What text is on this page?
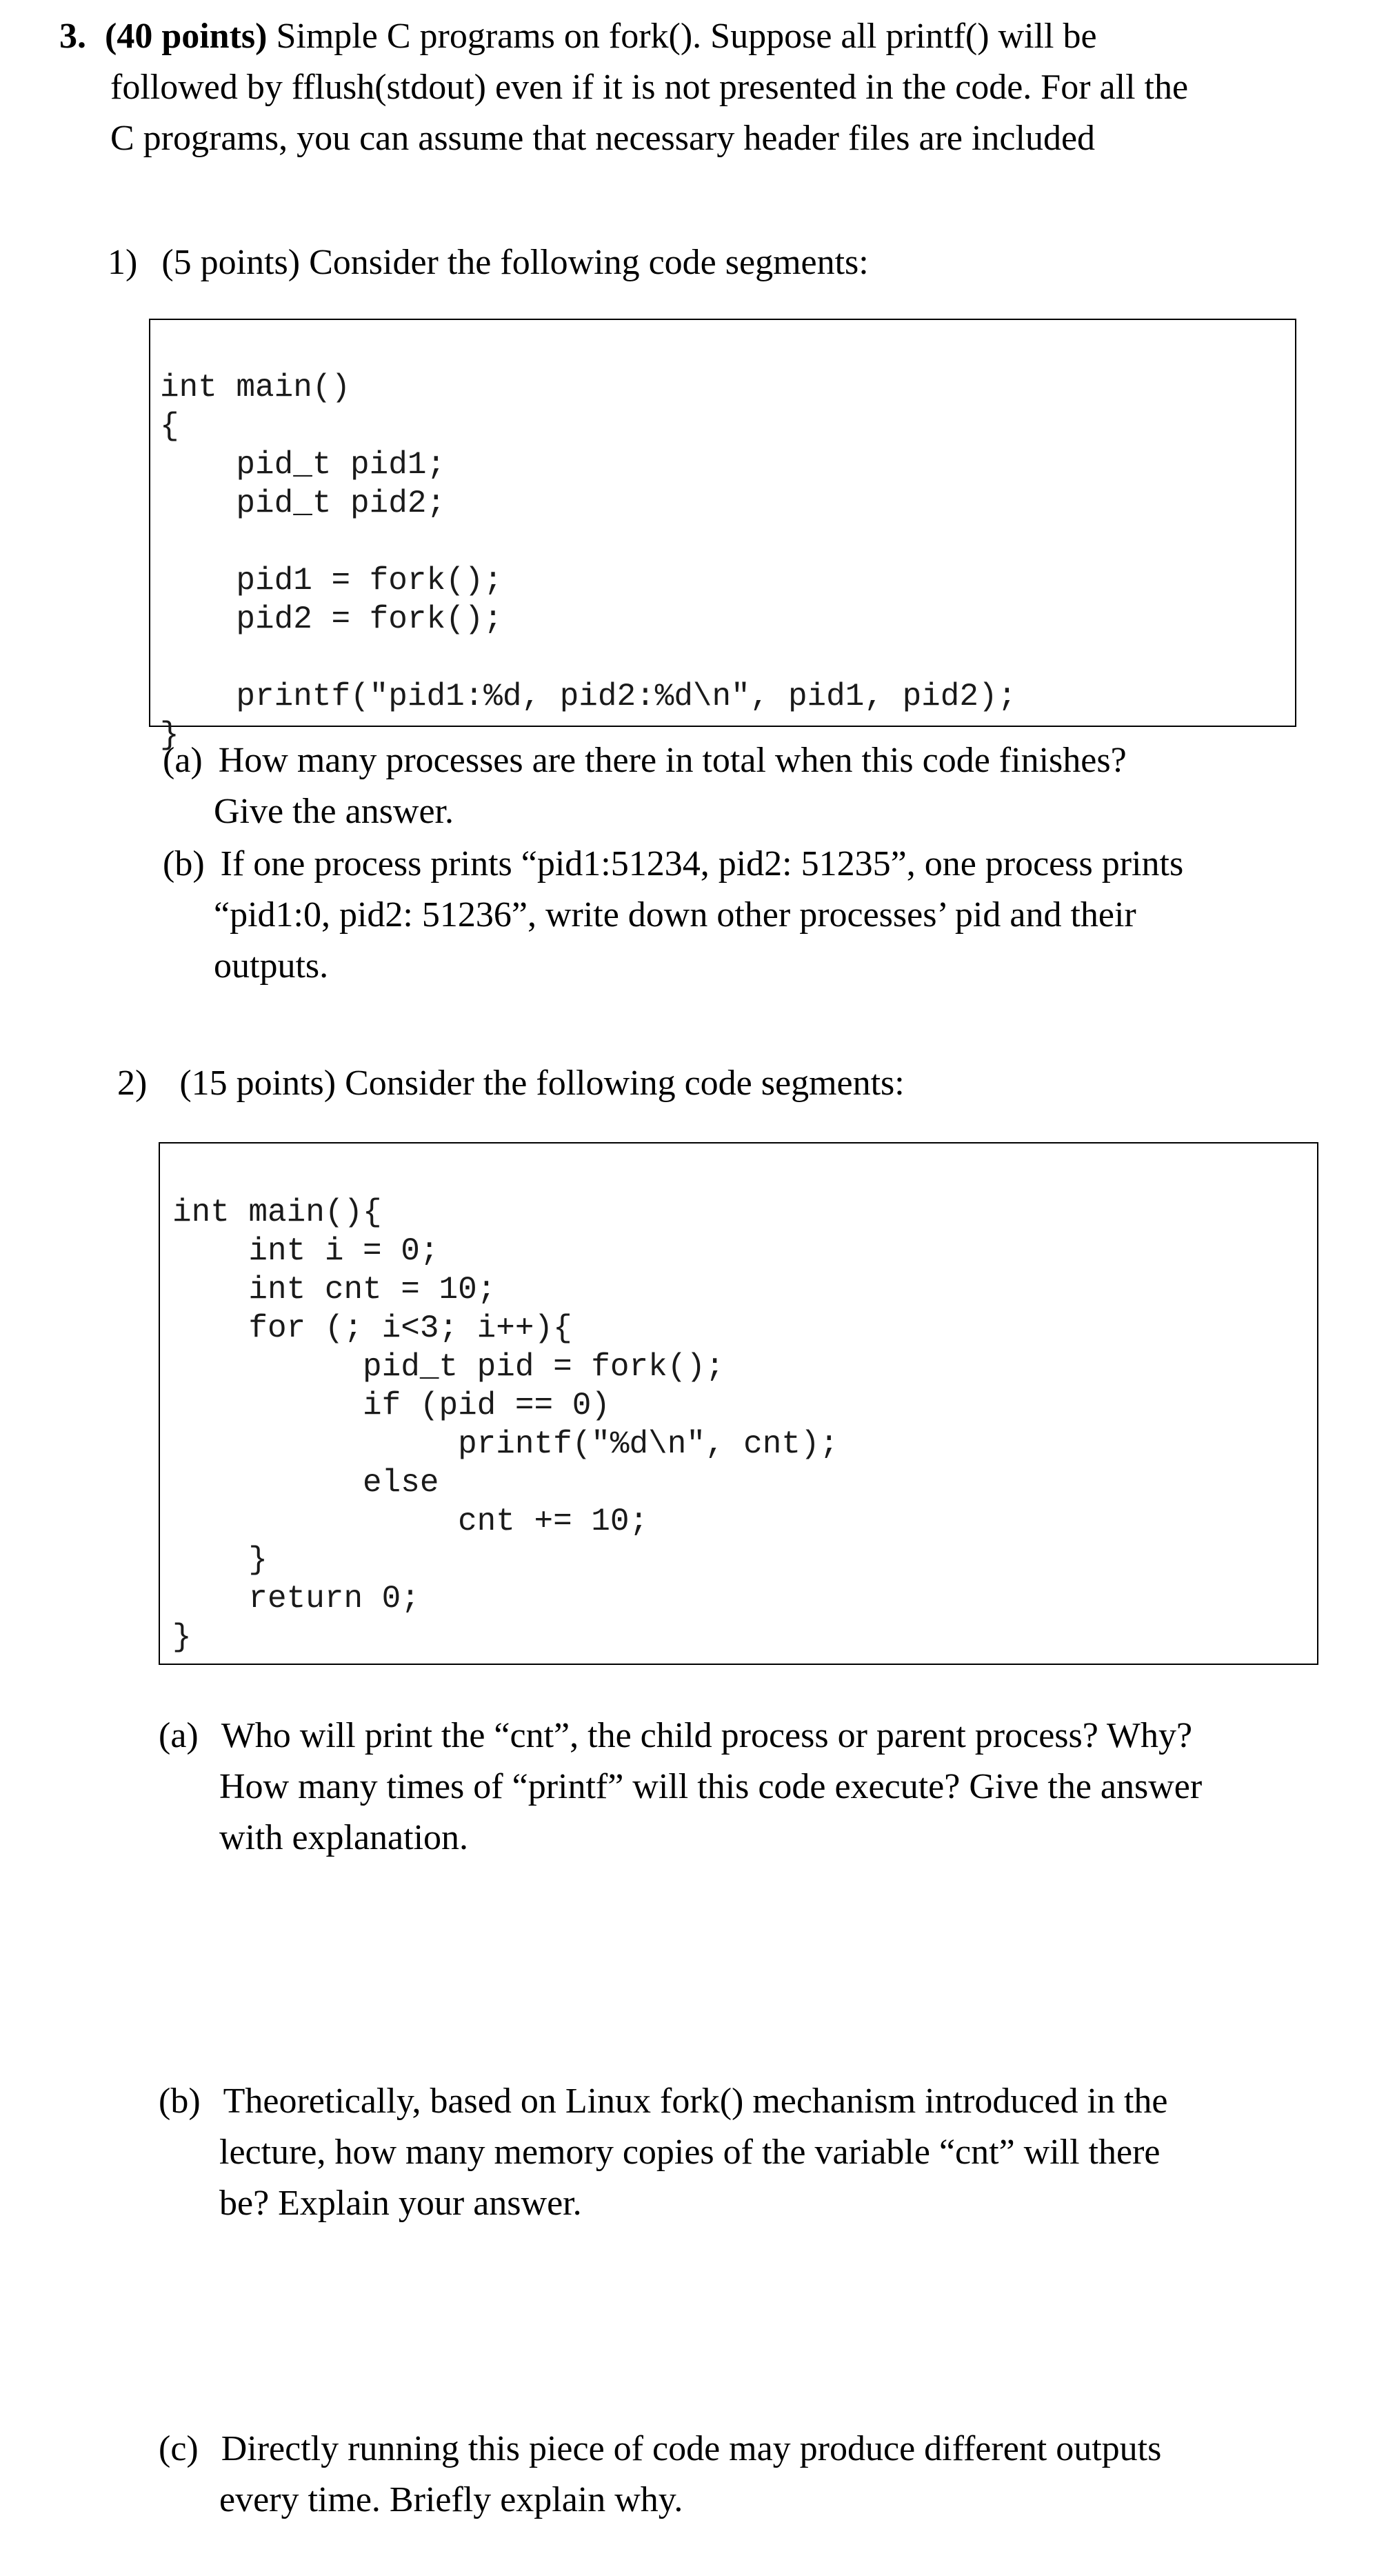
3. (40 points) Simple C programs on fork(). Suppose all printf() will be
followed by fflush(stdout) even if it is not presented in the code. For all the
C programs, you can assume that necessary header files are included
1) (5 points) Consider the following code segments:

int main()
{
pid_t pid1;
pid_t pid2;
pid1 = fork();
pid2 = fork();
printf("pid1:%d, pid2:%d\n", pid1, pid2);
}

(a) How many processes are there in total when this code finishes?
Give the answer.
(b) If one process prints “pid1:51234, pid2: 51235”, one process prints
“pid1:0, pid2: 51236”, write down other processes’ pid and their
outputs.
2) (15 points) Consider the following code segments:

int main(){
int i = 0;
int cnt = 10;
for (; i<3; i++){
pid_t pid = fork();
if (pid == 0)
printf("%d\n", cnt);
else
cnt += 10;
}
return 0;
}

(a) Who will print the “cnt”, the child process or parent process? Why?
How many times of “printf” will this code execute? Give the answer
with explanation.
(b) Theoretically, based on Linux fork() mechanism introduced in the
lecture, how many memory copies of the variable “cnt” will there
be? Explain your answer.
(c) Directly running this piece of code may produce different outputs
every time. Briefly explain why.
